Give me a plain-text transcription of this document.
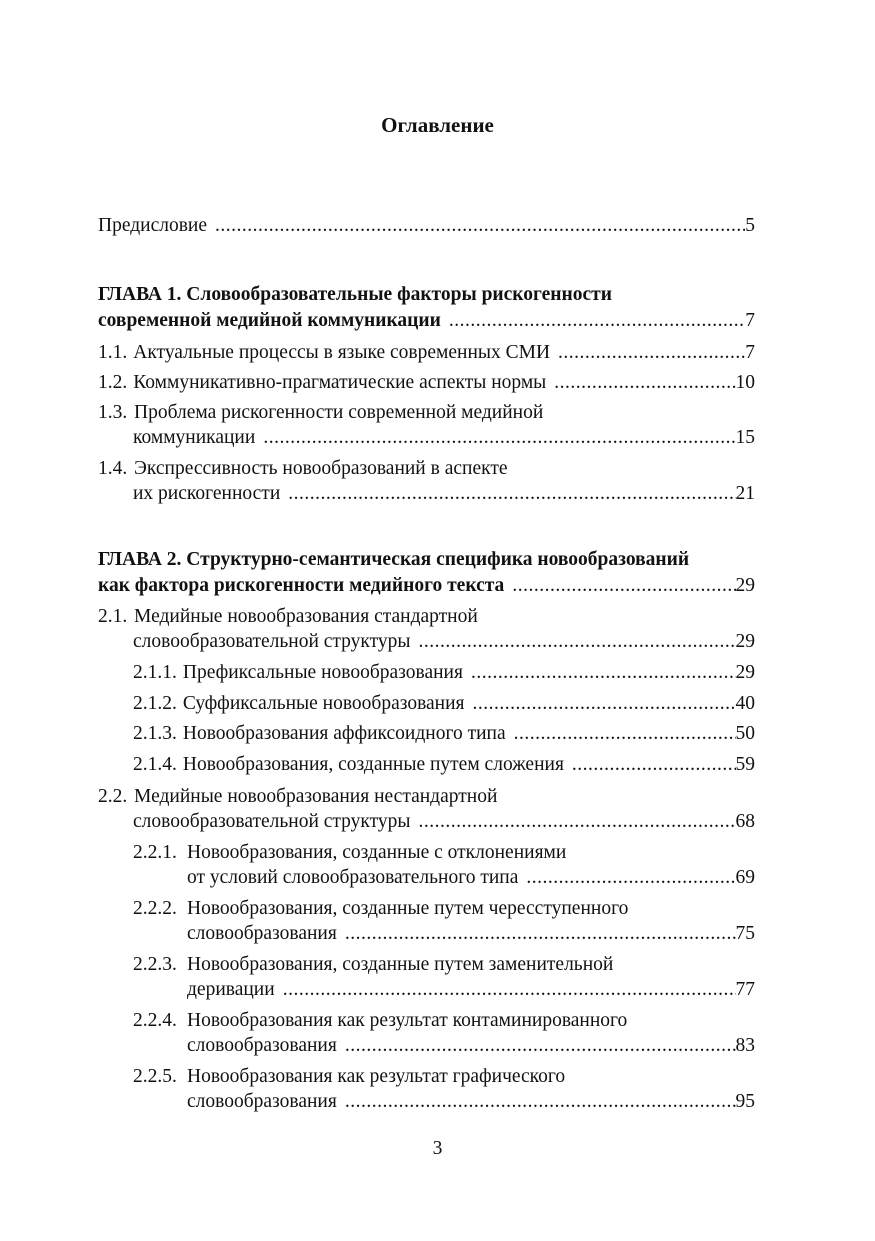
Оглавление
Предисловие .....	5
ГЛАВА 1. Словообразовательные факторы рискогенности
современной медийной коммуникации .....	7
1.1. Актуальные процессы в языке современных СМИ .....	7
1.2. Коммуникативно-прагматические аспекты нормы .....	10
1.3. Проблема рискогенности современной медийной
коммуникации .....	15
1.4. Экспрессивность новообразований в аспекте
их рискогенности .....	21
ГЛАВА 2. Структурно-семантическая специфика новообразований
как фактора рискогенности медийного текста .....	29
2.1. Медийные новообразования стандартной
словообразовательной структуры .....	29
2.1.1. Префиксальные новообразования .....	29
2.1.2. Суффиксальные новообразования .....	40
2.1.3. Новообразования аффиксоидного типа .....	50
2.1.4. Новообразования, созданные путем сложения .....	59
2.2. Медийные новообразования нестандартной
словообразовательной структуры .....	68
2.2.1. Новообразования, созданные с отклонениями
от условий словообразовательного типа .....	69
2.2.2. Новообразования, созданные путем чересступенного
словообразования .....	75
2.2.3. Новообразования, созданные путем заменительной
деривации .....	77
2.2.4. Новообразования как результат контаминированного
словообразования .....	83
2.2.5. Новообразования как результат графического
словообразования .....	95
3
